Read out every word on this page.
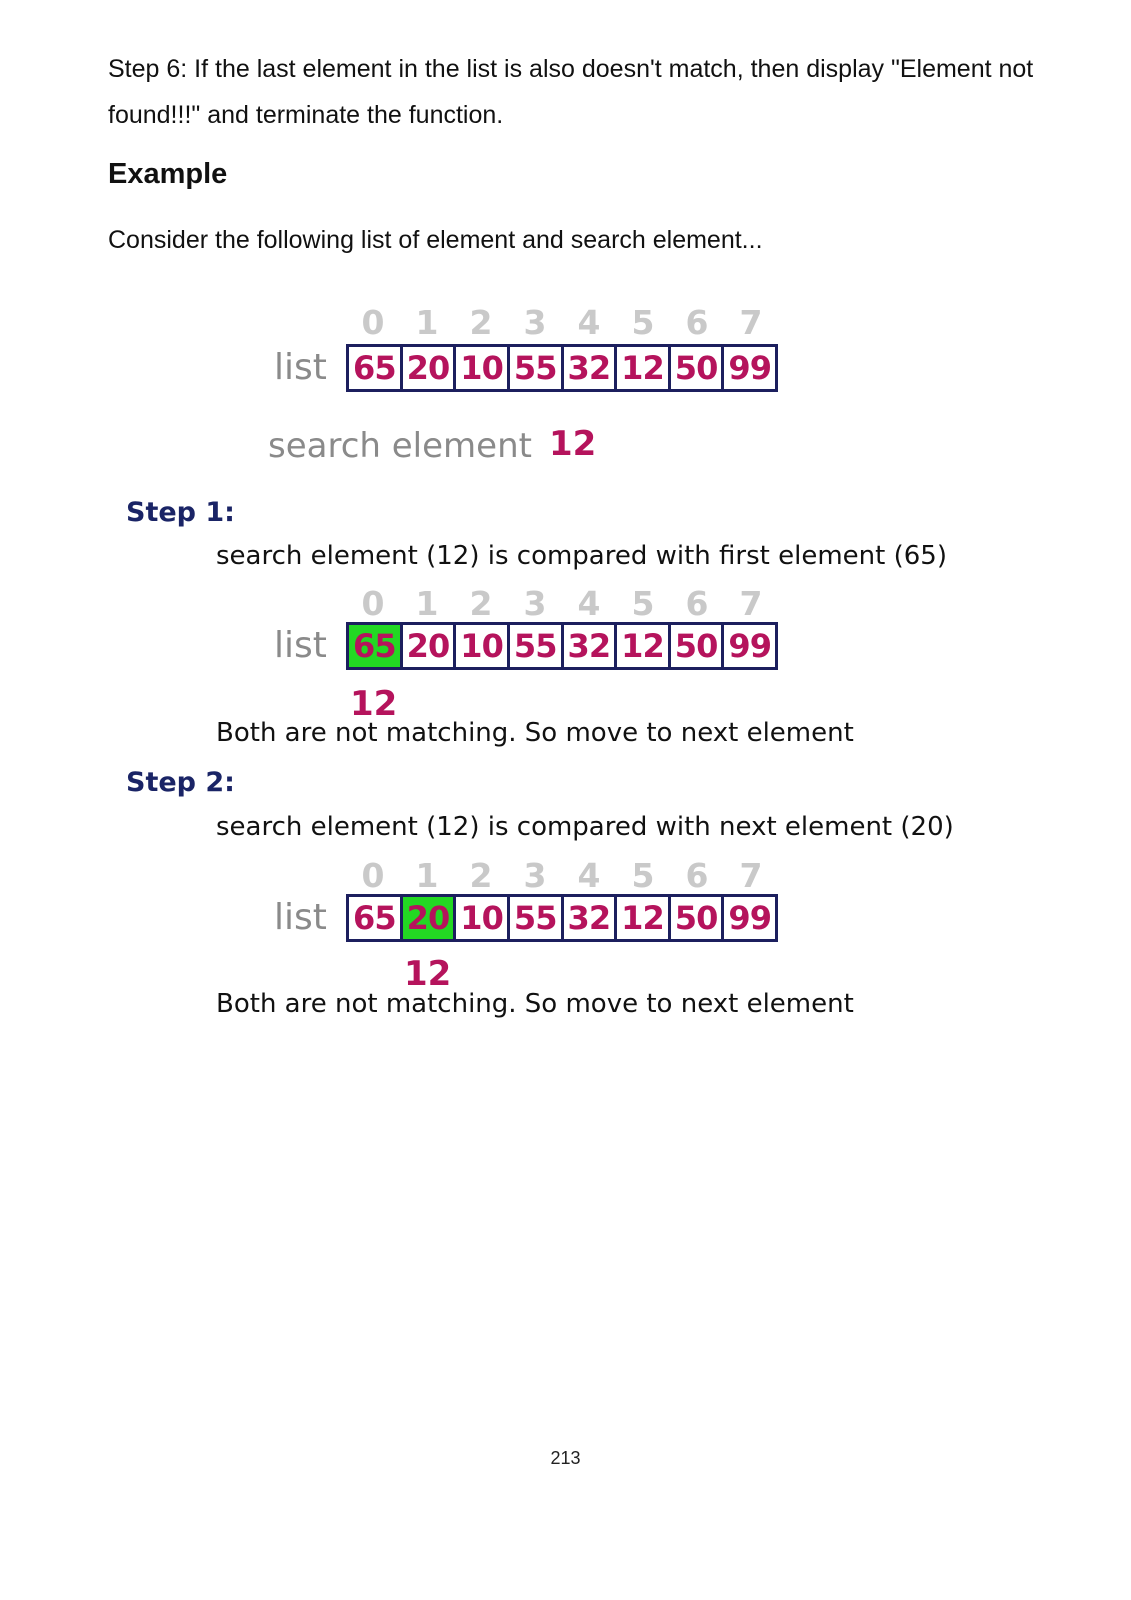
Step 6: If the last element in the list is also doesn't match, then display "Element not found!!!" and terminate the function.

Example

Consider the following list of element and search element...

0 1 2 3 4 5 6 7
list 65 20 10 55 32 12 50 99
search element 12
Step 1:
search element (12) is compared with first element (65)
0 1 2 3 4 5 6 7
list 65 20 10 55 32 12 50 99
12
Both are not matching. So move to next element
Step 2:
search element (12) is compared with next element (20)
0 1 2 3 4 5 6 7
list 65 20 10 55 32 12 50 99
12
Both are not matching. So move to next element
213
